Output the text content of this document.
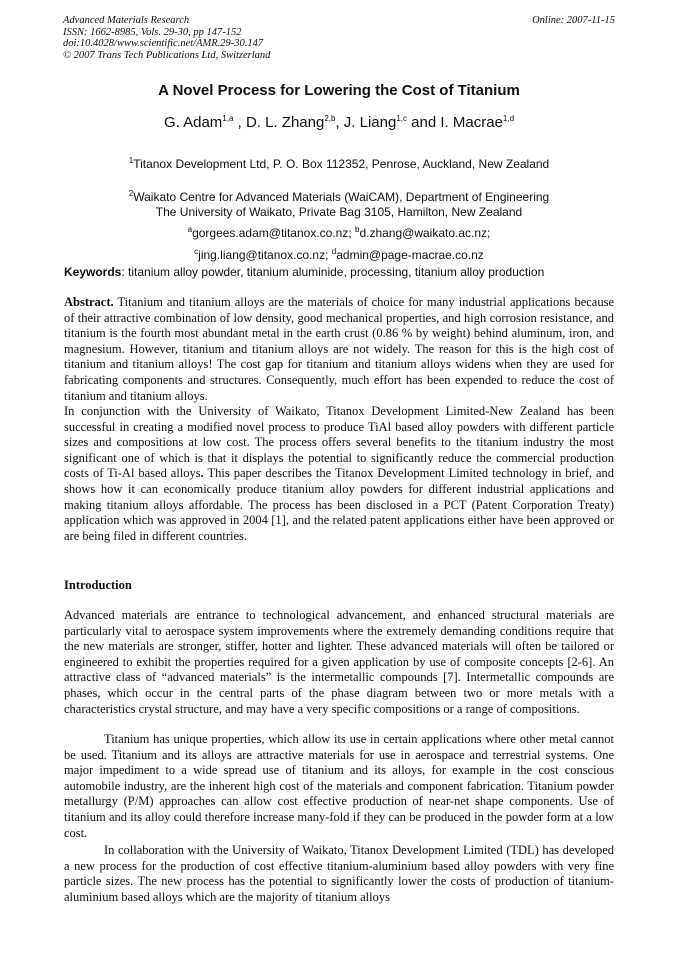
Advanced Materials Research
ISSN: 1662-8985, Vols. 29-30, pp 147-152
doi:10.4028/www.scientific.net/AMR.29-30.147
© 2007 Trans Tech Publications Ltd, Switzerland
Online: 2007-11-15
A Novel Process for Lowering the Cost of Titanium
G. Adam$^{1,a}$ , D. L. Zhang$^{2,b}$, J. Liang$^{1,c}$ and I. Macrae$^{1,d}$
$^1$Titanox Development Ltd, P. O. Box 112352, Penrose, Auckland, New Zealand
$^2$Waikato Centre for Advanced Materials (WaiCAM), Department of Engineering
The University of Waikato, Private Bag 3105, Hamilton, New Zealand
$^a$gorgees.adam@titanox.co.nz; $^b$d.zhang@waikato.ac.nz;
$^c$jing.liang@titanox.co.nz; $^d$admin@page-macrae.co.nz
Keywords: titanium alloy powder, titanium aluminide, processing, titanium alloy production
Abstract. Titanium and titanium alloys are the materials of choice for many industrial applications because of their attractive combination of low density, good mechanical properties, and high corrosion resistance, and titanium is the fourth most abundant metal in the earth crust (0.86 % by weight) behind aluminum, iron, and magnesium. However, titanium and titanium alloys are not widely. The reason for this is the high cost of titanium and titanium alloys! The cost gap for titanium and titanium alloys widens when they are used for fabricating components and structures. Consequently, much effort has been expended to reduce the cost of titanium and titanium alloys.
In conjunction with the University of Waikato, Titanox Development Limited-New Zealand has been successful in creating a modified novel process to produce TiAl based alloy powders with different particle sizes and compositions at low cost. The process offers several benefits to the titanium industry the most significant one of which is that it displays the potential to significantly reduce the commercial production costs of Ti-Al based alloys. This paper describes the Titanox Development Limited technology in brief, and shows how it can economically produce titanium alloy powders for different industrial applications and making titanium alloys affordable. The process has been disclosed in a PCT (Patent Corporation Treaty) application which was approved in 2004 [1], and the related patent applications either have been approved or are being filed in different countries.
Introduction
Advanced materials are entrance to technological advancement, and enhanced structural materials are particularly vital to aerospace system improvements where the extremely demanding conditions require that the new materials are stronger, stiffer, hotter and lighter. These advanced materials will often be tailored or engineered to exhibit the properties required for a given application by use of composite concepts [2-6]. An attractive class of “advanced materials” is the intermetallic compounds [7]. Intermetallic compounds are phases, which occur in the central parts of the phase diagram between two or more metals with a characteristics crystal structure, and may have a very specific compositions or a range of compositions.
Titanium has unique properties, which allow its use in certain applications where other metal cannot be used. Titanium and its alloys are attractive materials for use in aerospace and terrestrial systems. One major impediment to a wide spread use of titanium and its alloys, for example in the cost conscious automobile industry, are the inherent high cost of the materials and component fabrication. Titanium powder metallurgy (P/M) approaches can allow cost effective production of near-net shape components. Use of titanium and its alloy could therefore increase many-fold if they can be produced in the powder form at a low cost.
In collaboration with the University of Waikato, Titanox Development Limited (TDL) has developed a new process for the production of cost effective titanium-aluminium based alloy powders with very fine particle sizes. The new process has the potential to significantly lower the costs of production of titanium-aluminium based alloys which are the majority of titanium alloys
